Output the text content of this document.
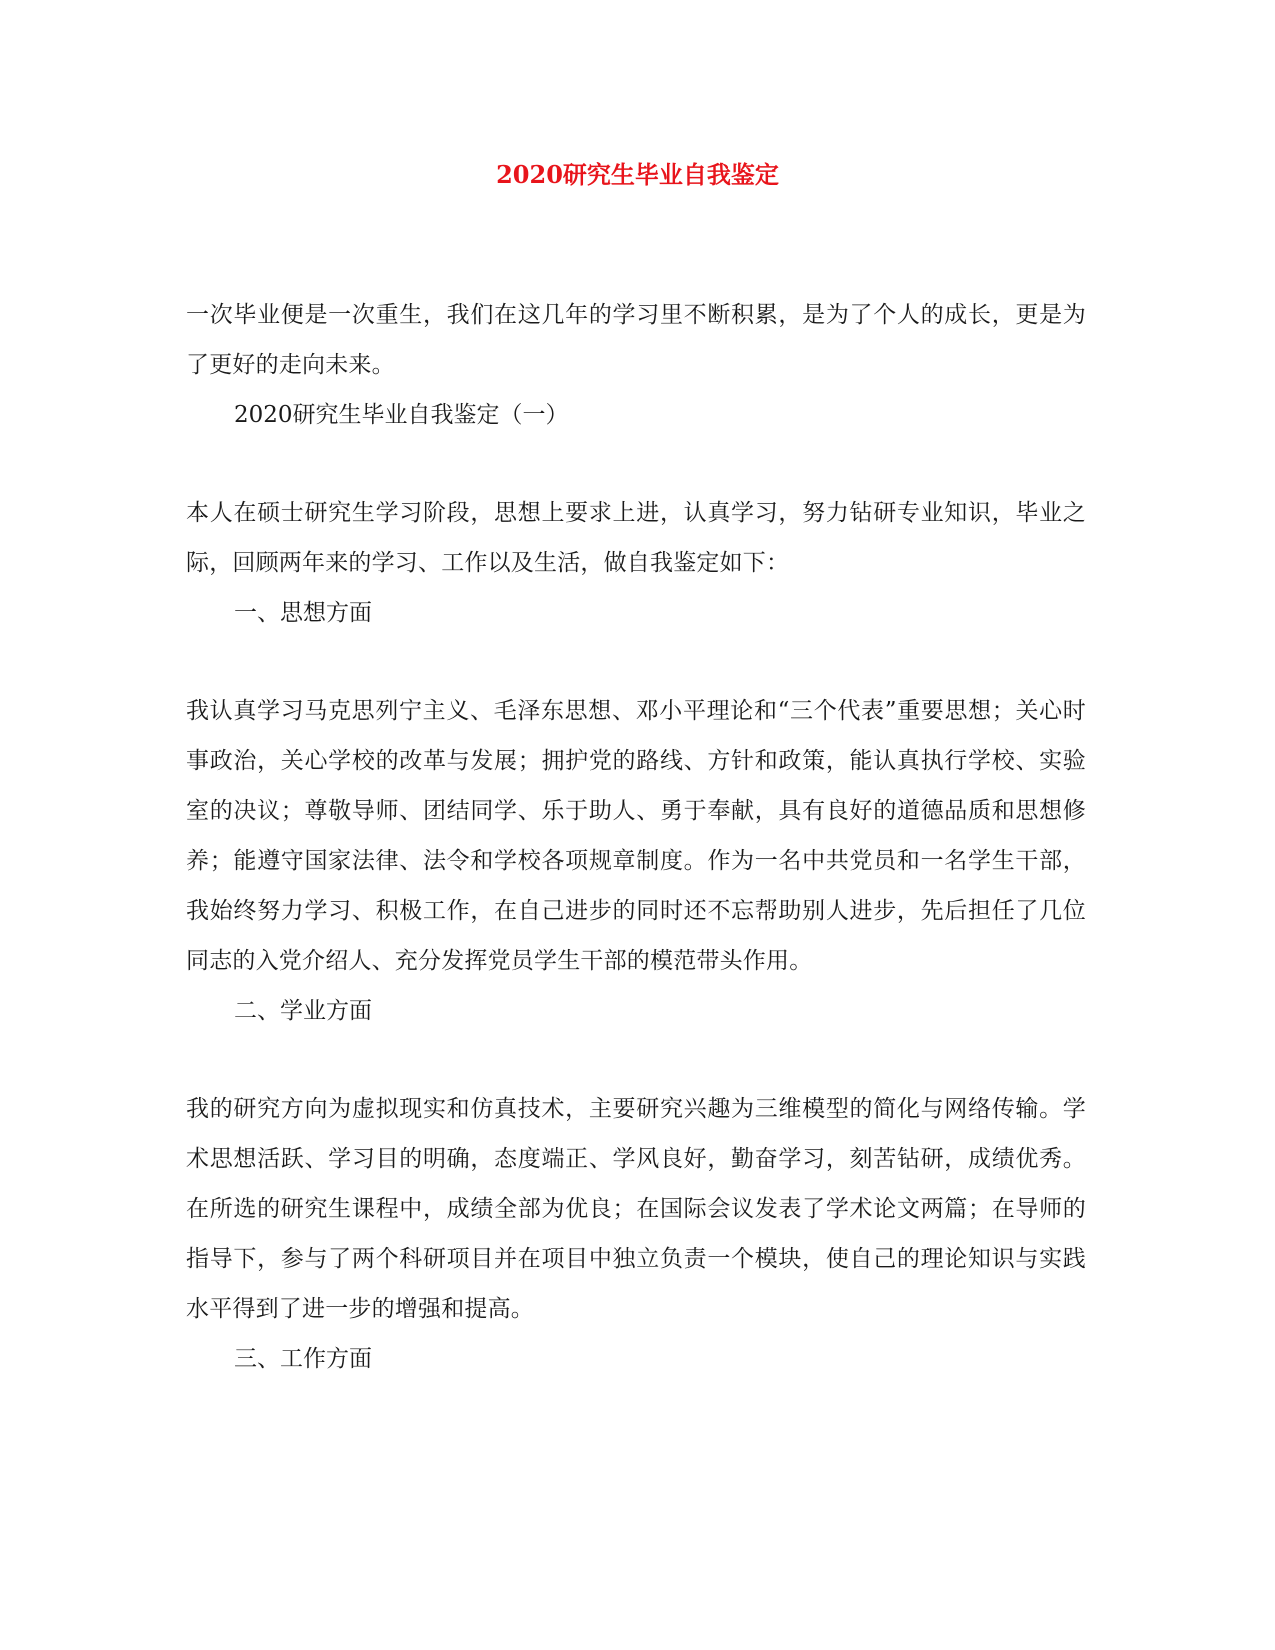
2020研究生毕业自我鉴定

一次毕业便是一次重生，我们在这几年的学习里不断积累，是为了个人的成长，更是为了更好的走向未来。

2020研究生毕业自我鉴定（一）

本人在硕士研究生学习阶段，思想上要求上进，认真学习，努力钻研专业知识，毕业之际，回顾两年来的学习、工作以及生活，做自我鉴定如下：

一、思想方面

我认真学习马克思列宁主义、毛泽东思想、邓小平理论和“三个代表”重要思想；关心时事政治，关心学校的改革与发展；拥护党的路线、方针和政策，能认真执行学校、实验室的决议；尊敬导师、团结同学、乐于助人、勇于奉献，具有良好的道德品质和思想修养；能遵守国家法律、法令和学校各项规章制度。作为一名中共党员和一名学生干部，我始终努力学习、积极工作，在自己进步的同时还不忘帮助别人进步，先后担任了几位同志的入党介绍人、充分发挥党员学生干部的模范带头作用。

二、学业方面

我的研究方向为虚拟现实和仿真技术，主要研究兴趣为三维模型的简化与网络传输。学术思想活跃、学习目的明确，态度端正、学风良好，勤奋学习，刻苦钻研，成绩优秀。在所选的研究生课程中，成绩全部为优良；在国际会议发表了学术论文两篇；在导师的指导下，参与了两个科研项目并在项目中独立负责一个模块，使自己的理论知识与实践水平得到了进一步的增强和提高。

三、工作方面
